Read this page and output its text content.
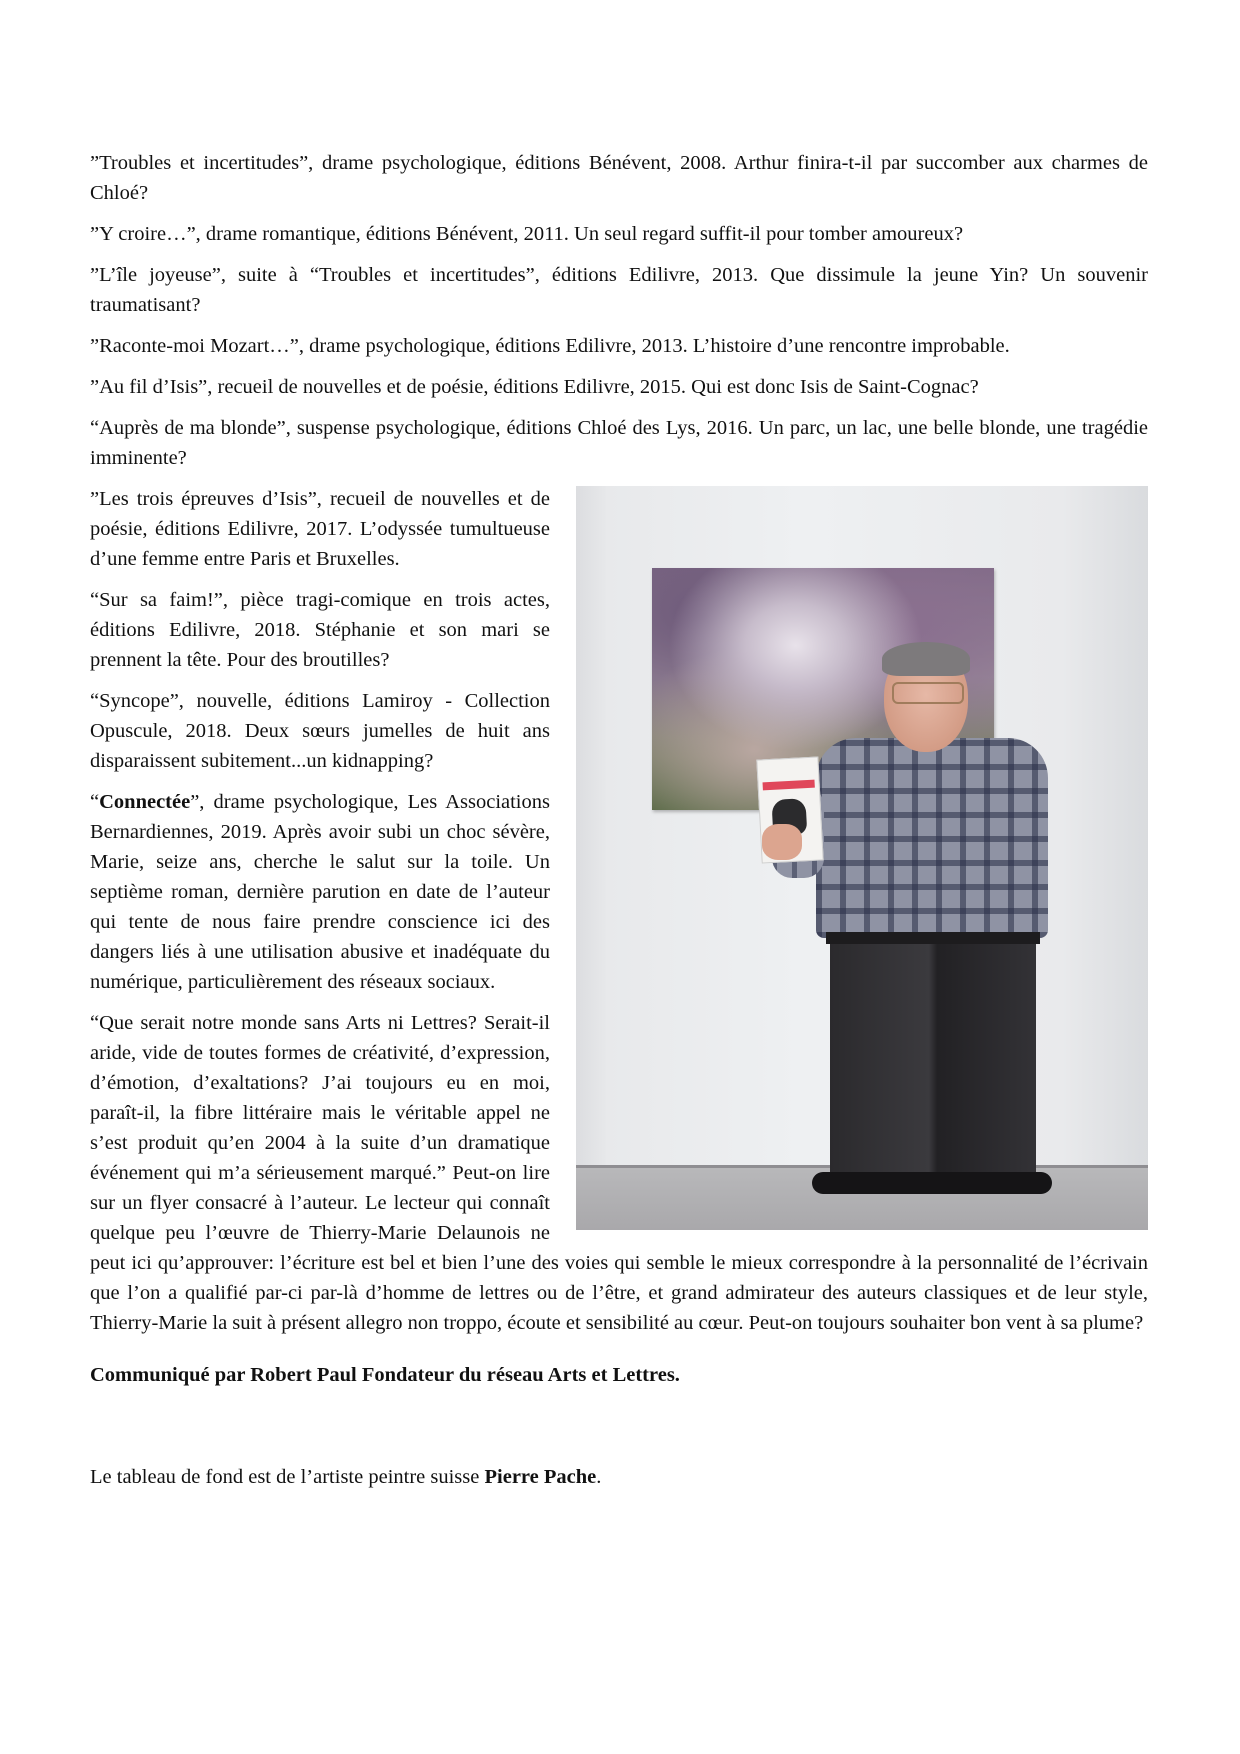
”Troubles et incertitudes”, drame psychologique, éditions Bénévent, 2008. Arthur finira-t-il par succomber aux charmes de Chloé?

”Y croire…”, drame romantique, éditions Bénévent, 2011. Un seul regard suffit-il pour tomber amoureux?

”L’île joyeuse”, suite à “Troubles et incertitudes”, éditions Edilivre, 2013. Que dissimule la jeune Yin? Un souvenir traumatisant?

”Raconte-moi Mozart…”, drame psychologique, éditions Edilivre, 2013. L’histoire d’une rencontre improbable.

”Au fil d’Isis”, recueil de nouvelles et de poésie, éditions Edilivre, 2015. Qui est donc Isis de Saint-Cognac?

“Auprès de ma blonde”, suspense psychologique, éditions Chloé des Lys, 2016. Un parc, un lac, une belle blonde, une tragédie imminente?

”Les trois épreuves d’Isis”, recueil de nouvelles et de poésie, éditions Edilivre, 2017. L’odyssée tumultueuse d’une femme entre Paris et Bruxelles.

“Sur sa faim!”, pièce tragi-comique en trois actes, éditions Edilivre, 2018. Stéphanie et son mari se prennent la tête. Pour des broutilles?

“Syncope”, nouvelle, éditions Lamiroy - Collection Opuscule, 2018. Deux sœurs jumelles de huit ans disparaissent subitement...un kidnapping?

“Connectée”, drame psychologique, Les Associations Bernardiennes, 2019. Après avoir subi un choc sévère, Marie, seize ans, cherche le salut sur la toile. Un septième roman, dernière parution en date de l’auteur qui tente de nous faire prendre conscience ici des dangers liés à une utilisation abusive et inadéquate du numérique, particulièrement des réseaux sociaux.

“Que serait notre monde sans Arts ni Lettres? Serait-il aride, vide de toutes formes de créativité, d’expression, d’émotion, d’exaltations? J’ai toujours eu en moi, paraît-il, la fibre littéraire mais le véritable appel ne s’est produit qu’en 2004 à la suite d’un dramatique événement qui m’a sérieusement marqué.” Peut-on lire sur un flyer consacré à l’auteur. Le lecteur qui connaît quelque peu l’œuvre de Thierry-Marie Delaunois ne peut ici qu’approuver: l’écriture est bel et bien l’une des voies qui semble le mieux correspondre à la personnalité de l’écrivain que l’on a qualifié par-ci par-là d’homme de lettres ou de l’être, et grand admirateur des auteurs classiques et de leur style, Thierry-Marie la suit à présent allegro non troppo, écoute et sensibilité au cœur. Peut-on toujours souhaiter bon vent à sa plume?

Communiqué par Robert Paul Fondateur du réseau Arts et Lettres.

Le tableau de fond est de l’artiste peintre suisse Pierre Pache.
